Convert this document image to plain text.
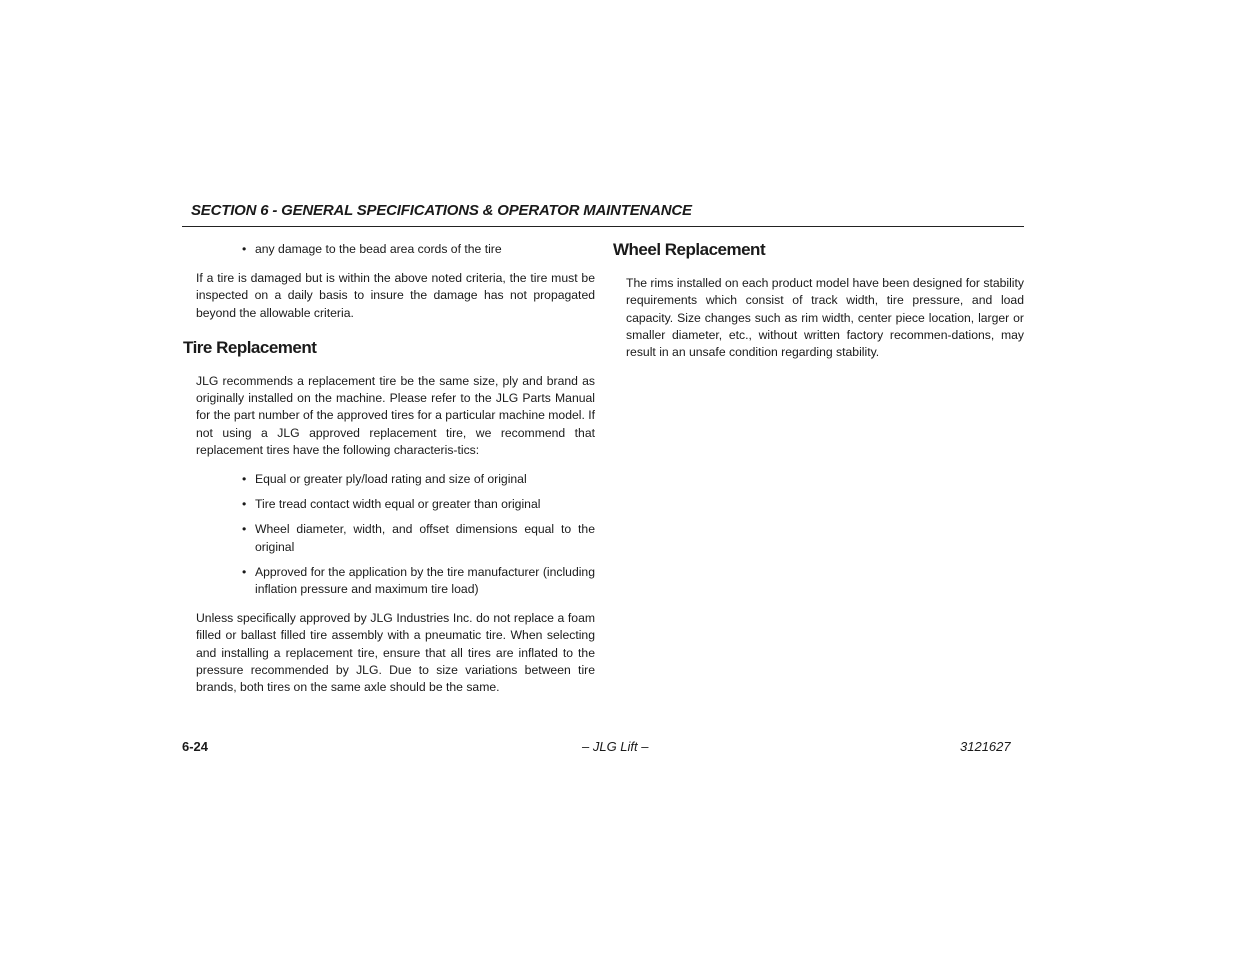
SECTION 6 - GENERAL SPECIFICATIONS & OPERATOR MAINTENANCE
• any damage to the bead area cords of the tire

If a tire is damaged but is within the above noted criteria, the tire must be inspected on a daily basis to insure the damage has not propagated beyond the allowable criteria.

Tire Replacement

JLG recommends a replacement tire be the same size, ply and brand as originally installed on the machine. Please refer to the JLG Parts Manual for the part number of the approved tires for a particular machine model. If not using a JLG approved replacement tire, we recommend that replacement tires have the following characteris-tics:

• Equal or greater ply/load rating and size of original
• Tire tread contact width equal or greater than original
• Wheel diameter, width, and offset dimensions equal to the original
• Approved for the application by the tire manufacturer (including inflation pressure and maximum tire load)

Unless specifically approved by JLG Industries Inc. do not replace a foam filled or ballast filled tire assembly with a pneumatic tire. When selecting and installing a replacement tire, ensure that all tires are inflated to the pressure recommended by JLG. Due to size variations between tire brands, both tires on the same axle should be the same.

Wheel Replacement

The rims installed on each product model have been designed for stability requirements which consist of track width, tire pressure, and load capacity. Size changes such as rim width, center piece location, larger or smaller diameter, etc., without written factory recommen-dations, may result in an unsafe condition regarding stability.

6-24	– JLG Lift –	3121627
